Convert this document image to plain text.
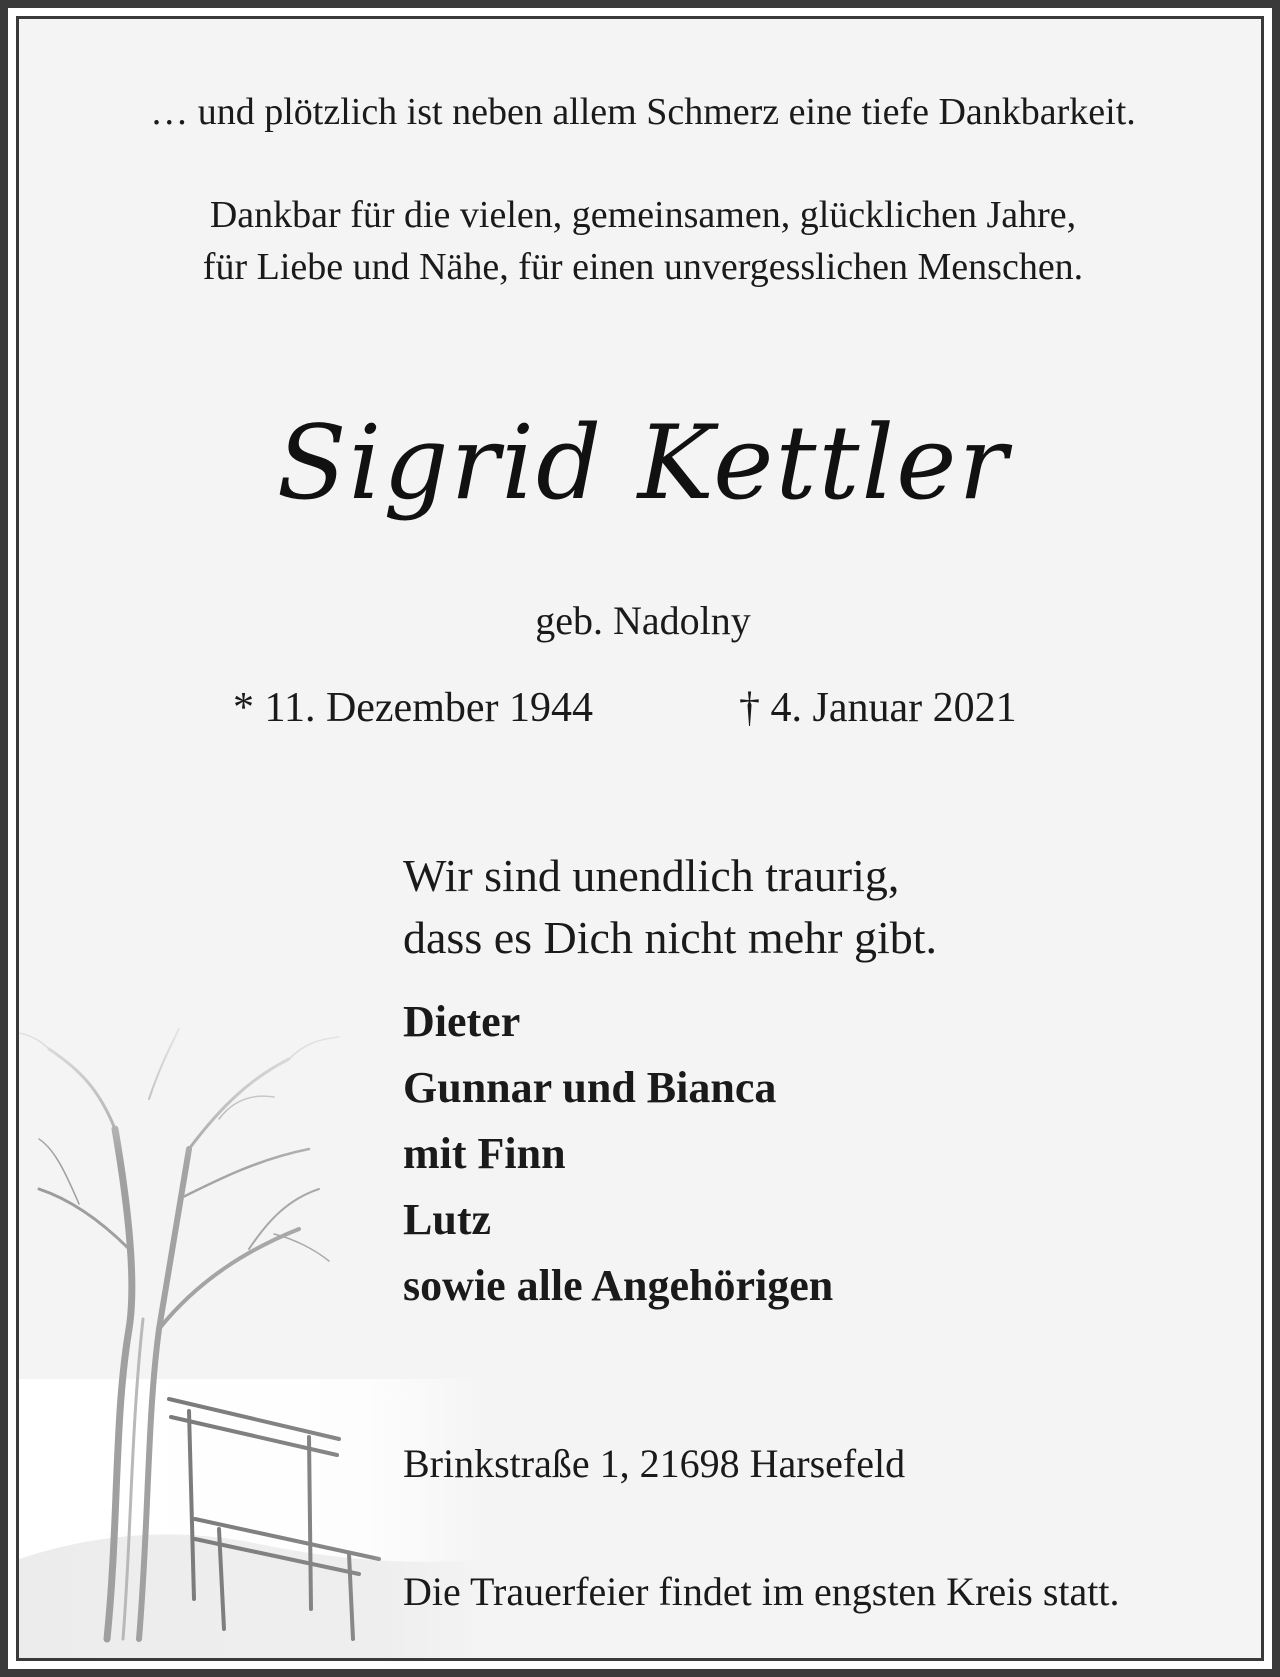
… und plötzlich ist neben allem Schmerz eine tiefe Dankbarkeit.

Dankbar für die vielen, gemeinsamen, glücklichen Jahre,

für Liebe und Nähe, für einen unvergesslichen Menschen.

Sigrid Kettler

geb. Nadolny

* 11. Dezember 1944	† 4. Januar 2021

Wir sind unendlich traurig,

dass es Dich nicht mehr gibt.

Dieter

Gunnar und Bianca

mit Finn

Lutz

sowie alle Angehörigen

Brinkstraße 1, 21698 Harsefeld

Die Trauerfeier findet im engsten Kreis statt.
